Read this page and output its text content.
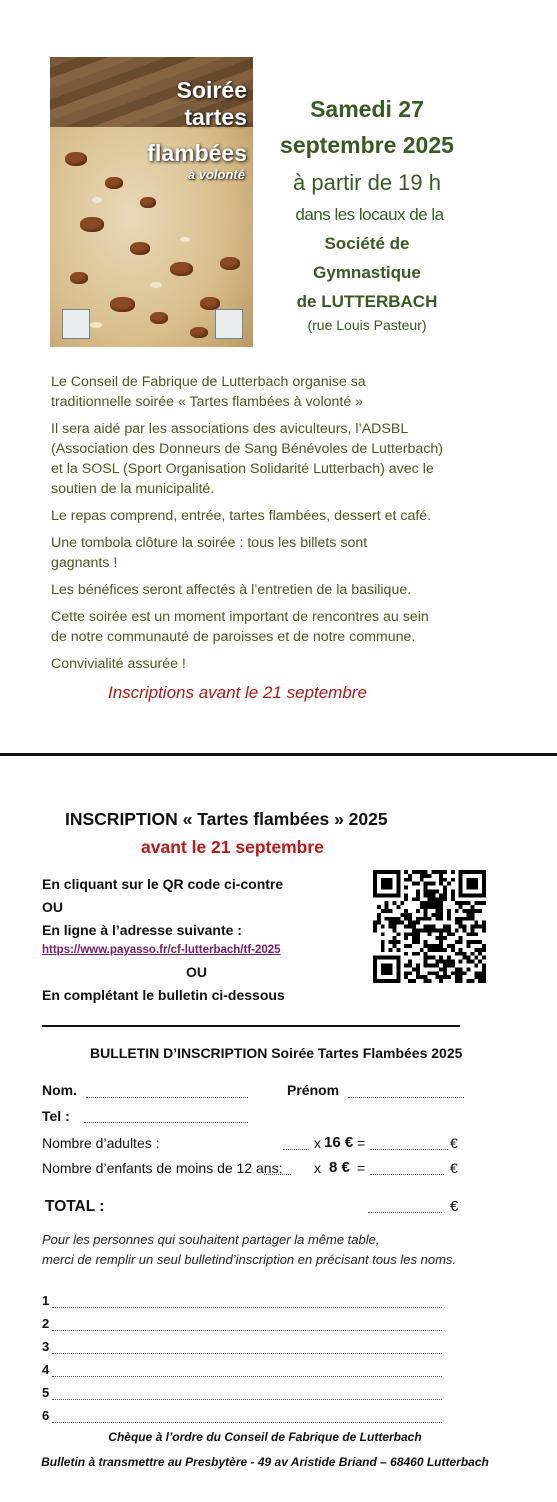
Soirée
tartes
flambées
à volonté
Samedi 27
septembre 2025
à partir de 19 h
dans les locaux de la
Société de
Gymnastique
de LUTTERBACH
(rue Louis Pasteur)
Le Conseil de Fabrique de Lutterbach organise sa
traditionnelle soirée « Tartes flambées à volonté »
Il sera aidé par les associations des aviculteurs, l’ADSBL
(Association des Donneurs de Sang Bénévoles de Lutterbach)
et la SOSL (Sport Organisation Solidarité Lutterbach) avec le
soutien de la municipalité.
Le repas comprend, entrée, tartes flambées, dessert et café.
Une tombola clôture la soirée : tous les billets sont
gagnants !
Les bénéfices seront affectés à l’entretien de la basilique.
Cette soirée est un moment important de rencontres au sein
de notre communauté de paroisses et de notre commune.
Convivialité assurée !
Inscriptions avant le 21 septembre
INSCRIPTION « Tartes flambées » 2025
avant le 21 septembre
En cliquant sur le QR code ci-contre
OU
En ligne à l’adresse suivante :
https://www.payasso.fr/cf-lutterbach/tf-2025
OU
En complétant le bulletin ci-dessous
BULLETIN D’INSCRIPTION Soirée Tartes Flambées 2025
Nom.	Prénom
Tel :
Nombre d’adultes :	x 16 € =	€
Nombre d’enfants de moins de 12 ans: x 8 € =	€
TOTAL :	€
Pour les personnes qui souhaitent partager la même table,
merci de remplir un seul bulletind’inscription en précisant tous les noms.
1
2
3
4
5
6
Chèque à l’ordre du Conseil de Fabrique de Lutterbach
Bulletin à transmettre au Presbytère - 49 av Aristide Briand – 68460 Lutterbach
